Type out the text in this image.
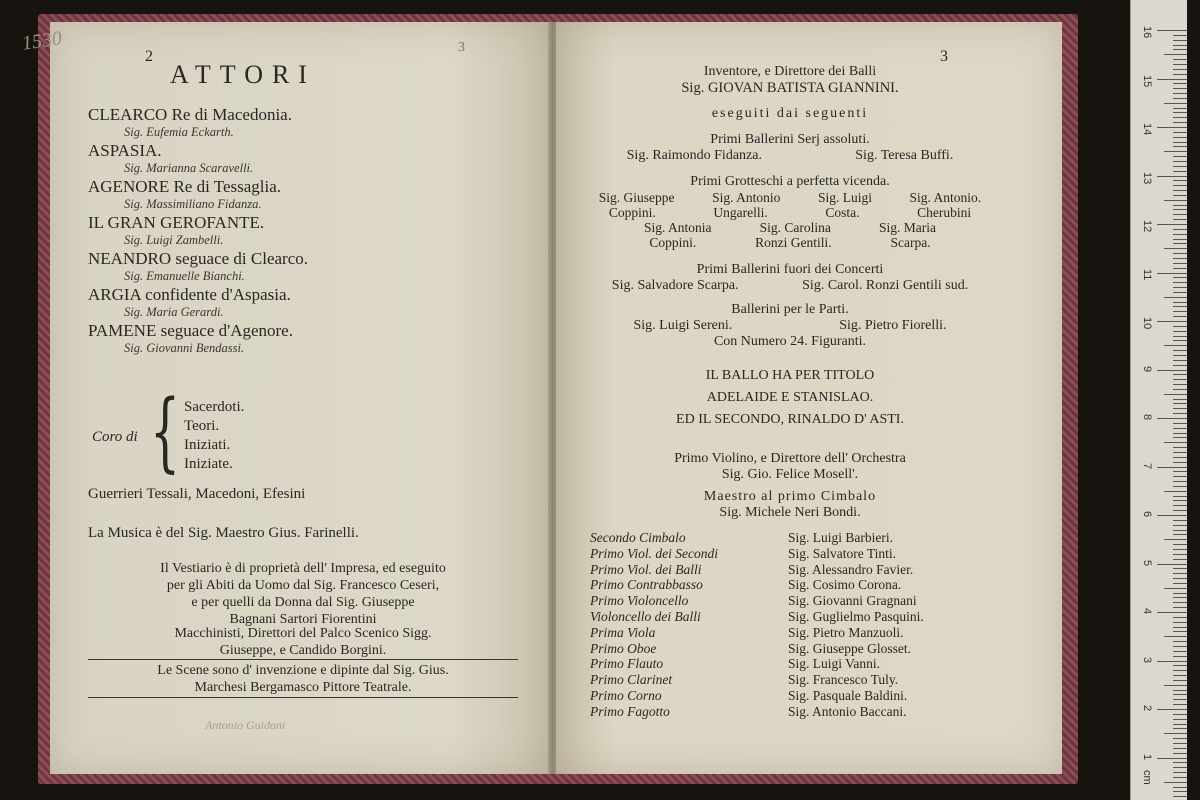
1530
2
3
ATTORI
CLEARCO Re di Macedonia.
Sig. Eufemia Eckarth.
ASPASIA.
Sig. Marianna Scaravelli.
AGENORE Re di Tessaglia.
Sig. Massimiliano Fidanza.
IL GRAN GEROFANTE.
Sig. Luigi Zambelli.
NEANDRO seguace di Clearco.
Sig. Emanuelle Bianchi.
ARGIA confidente d'Aspasia.
Sig. Maria Gerardi.
PAMENE seguace d'Agenore.
Sig. Giovanni Bendassi.
Coro di { Sacerdoti.
Teori.
Iniziati.
Iniziate.
Guerrieri Tessali, Macedoni, Efesini
La Musica è del Sig. Maestro Gius. Farinelli.
Il Vestiario è di proprietà dell' Impresa, ed eseguito
per gli Abiti da Uomo dal Sig. Francesco Ceseri,
e per quelli da Donna dal Sig. Giuseppe
Bagnani Sartori Fiorentini
Macchinisti, Direttori del Palco Scenico Sigg.
Giuseppe, e Candido Borgini.
Le Scene sono d' invenzione e dipinte dal Sig. Gius.
Marchesi Bergamasco Pittore Teatrale.
Antonio Guidoni
3
Inventore, e Direttore dei Balli
Sig. GIOVAN BATISTA GIANNINI.
eseguiti dai seguenti
Primi Ballerini Serj assoluti.
Sig. Raimondo Fidanza.	Sig. Teresa Buffi.
Primi Grotteschi a perfetta vicenda.
Sig. Giuseppe	Sig. Antonio	Sig. Luigi	Sig. Antonio.
Coppini.	Ungarelli.	Costa.	Cherubini
Sig. Antonia	Sig. Carolina	Sig. Maria
Coppini.	Ronzi Gentili.	Scarpa.
Primi Ballerini fuori dei Concerti
Sig. Salvadore Scarpa.	Sig. Carol. Ronzi Gentili sud.
Ballerini per le Parti.
Sig. Luigi Sereni.	Sig. Pietro Fiorelli.
Con Numero 24. Figuranti.
IL BALLO HA PER TITOLO
ADELAIDE E STANISLAO.
ED IL SECONDO, RINALDO D' ASTI.
Primo Violino, e Direttore dell' Orchestra
Sig. Gio. Felice Mosell'.
Maestro al primo Cimbalo
Sig. Michele Neri Bondi.
Secondo Cimbalo	Sig. Luigi Barbieri.
Primo Viol. dei Secondi	Sig. Salvatore Tinti.
Primo Viol. dei Balli	Sig. Alessandro Favier.
Primo Contrabbasso	Sig. Cosimo Corona.
Primo Violoncello	Sig. Giovanni Gragnani
Violoncello dei Balli	Sig. Guglielmo Pasquini.
Prima Viola	Sig. Pietro Manzuoli.
Primo Oboe	Sig. Giuseppe Glosset.
Primo Flauto	Sig. Luigi Vanni.
Primo Clarinet	Sig. Francesco Tuly.
Primo Corno	Sig. Pasquale Baldini.
Primo Fagotto	Sig. Antonio Baccani.
16
15
14
13
12
11
10
9
8
7
6
5
4
3
2
1
cm
